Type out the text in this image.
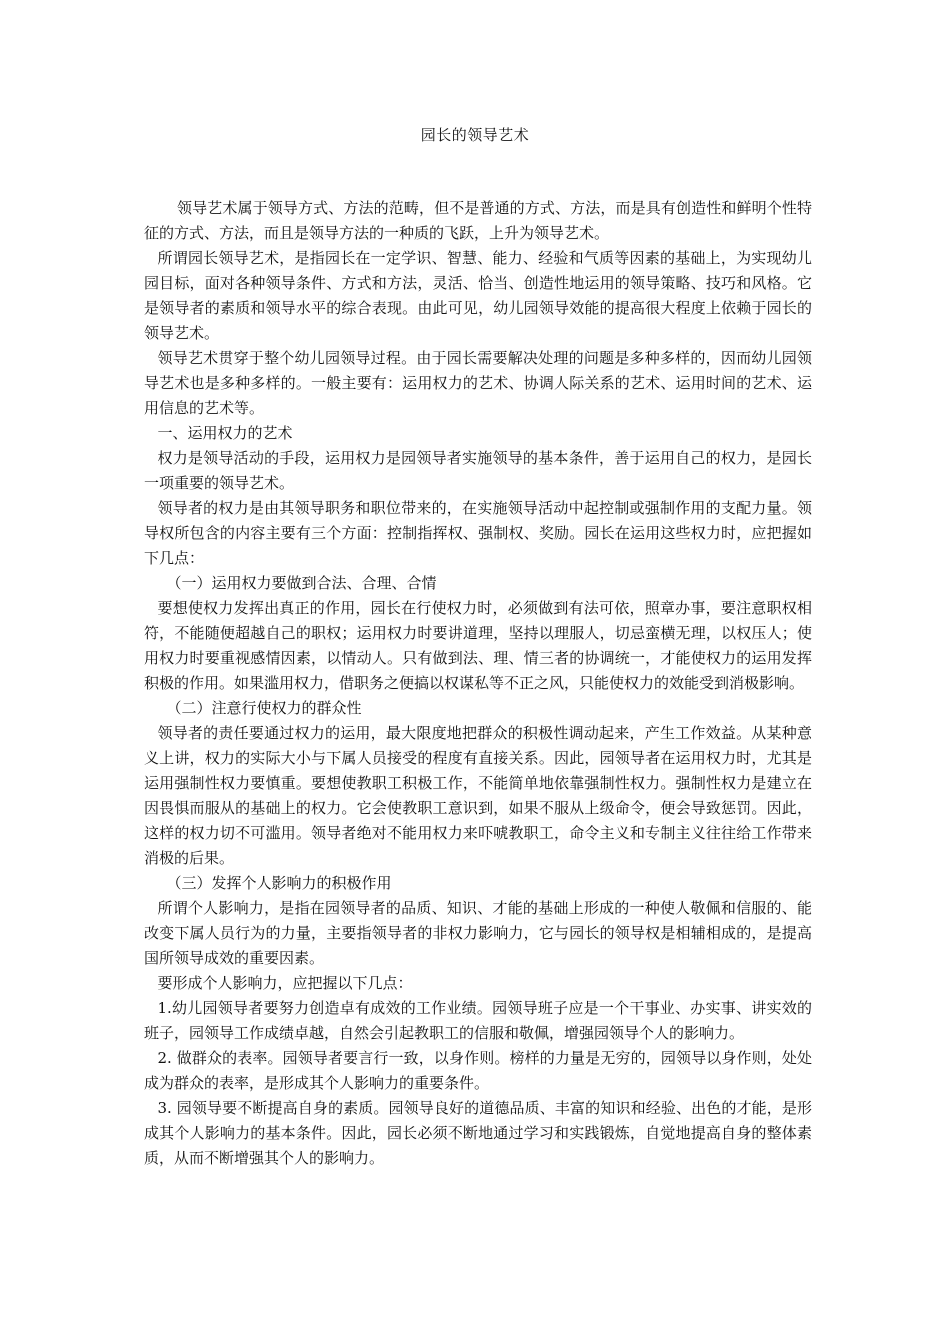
园长的领导艺术

领导艺术属于领导方式、方法的范畴，但不是普通的方式、方法，而是具有创造性和鲜明个性特征的方式、方法，而且是领导方法的一种质的飞跃，上升为领导艺术。

所谓园长领导艺术，是指园长在一定学识、智慧、能力、经验和气质等因素的基础上，为实现幼儿园目标，面对各种领导条件、方式和方法，灵活、恰当、创造性地运用的领导策略、技巧和风格。它是领导者的素质和领导水平的综合表现。由此可见，幼儿园领导效能的提高很大程度上依赖于园长的领导艺术。

领导艺术贯穿于整个幼儿园领导过程。由于园长需要解决处理的问题是多种多样的，因而幼儿园领导艺术也是多种多样的。一般主要有：运用权力的艺术、协调人际关系的艺术、运用时间的艺术、运用信息的艺术等。

一、运用权力的艺术

权力是领导活动的手段，运用权力是园领导者实施领导的基本条件，善于运用自己的权力，是园长一项重要的领导艺术。

领导者的权力是由其领导职务和职位带来的，在实施领导活动中起控制或强制作用的支配力量。领导权所包含的内容主要有三个方面：控制指挥权、强制权、奖励。园长在运用这些权力时，应把握如下几点：

（一）运用权力要做到合法、合理、合情

要想使权力发挥出真正的作用，园长在行使权力时，必须做到有法可依，照章办事，要注意职权相符，不能随便超越自己的职权；运用权力时要讲道理，坚持以理服人，切忌蛮横无理，以权压人；使用权力时要重视感情因素，以情动人。只有做到法、理、情三者的协调统一，才能使权力的运用发挥积极的作用。如果滥用权力，借职务之便搞以权谋私等不正之风，只能使权力的效能受到消极影响。

（二）注意行使权力的群众性

领导者的责任要通过权力的运用，最大限度地把群众的积极性调动起来，产生工作效益。从某种意义上讲，权力的实际大小与下属人员接受的程度有直接关系。因此，园领导者在运用权力时，尤其是运用强制性权力要慎重。要想使教职工积极工作，不能简单地依靠强制性权力。强制性权力是建立在因畏惧而服从的基础上的权力。它会使教职工意识到，如果不服从上级命令，便会导致惩罚。因此，这样的权力切不可滥用。领导者绝对不能用权力来吓唬教职工，命令主义和专制主义往往给工作带来消极的后果。

（三）发挥个人影响力的积极作用

所谓个人影响力，是指在园领导者的品质、知识、才能的基础上形成的一种使人敬佩和信服的、能改变下属人员行为的力量，主要指领导者的非权力影响力，它与园长的领导权是相辅相成的，是提高国所领导成效的重要因素。

要形成个人影响力，应把握以下几点：

1.幼儿园领导者要努力创造卓有成效的工作业绩。园领导班子应是一个干事业、办实事、讲实效的班子，园领导工作成绩卓越，自然会引起教职工的信服和敬佩，增强园领导个人的影响力。

2. 做群众的表率。园领导者要言行一致，以身作则。榜样的力量是无穷的，园领导以身作则，处处成为群众的表率，是形成其个人影响力的重要条件。

3. 园领导要不断提高自身的素质。园领导良好的道德品质、丰富的知识和经验、出色的才能，是形成其个人影响力的基本条件。因此，园长必须不断地通过学习和实践锻炼，自觉地提高自身的整体素质，从而不断增强其个人的影响力。
